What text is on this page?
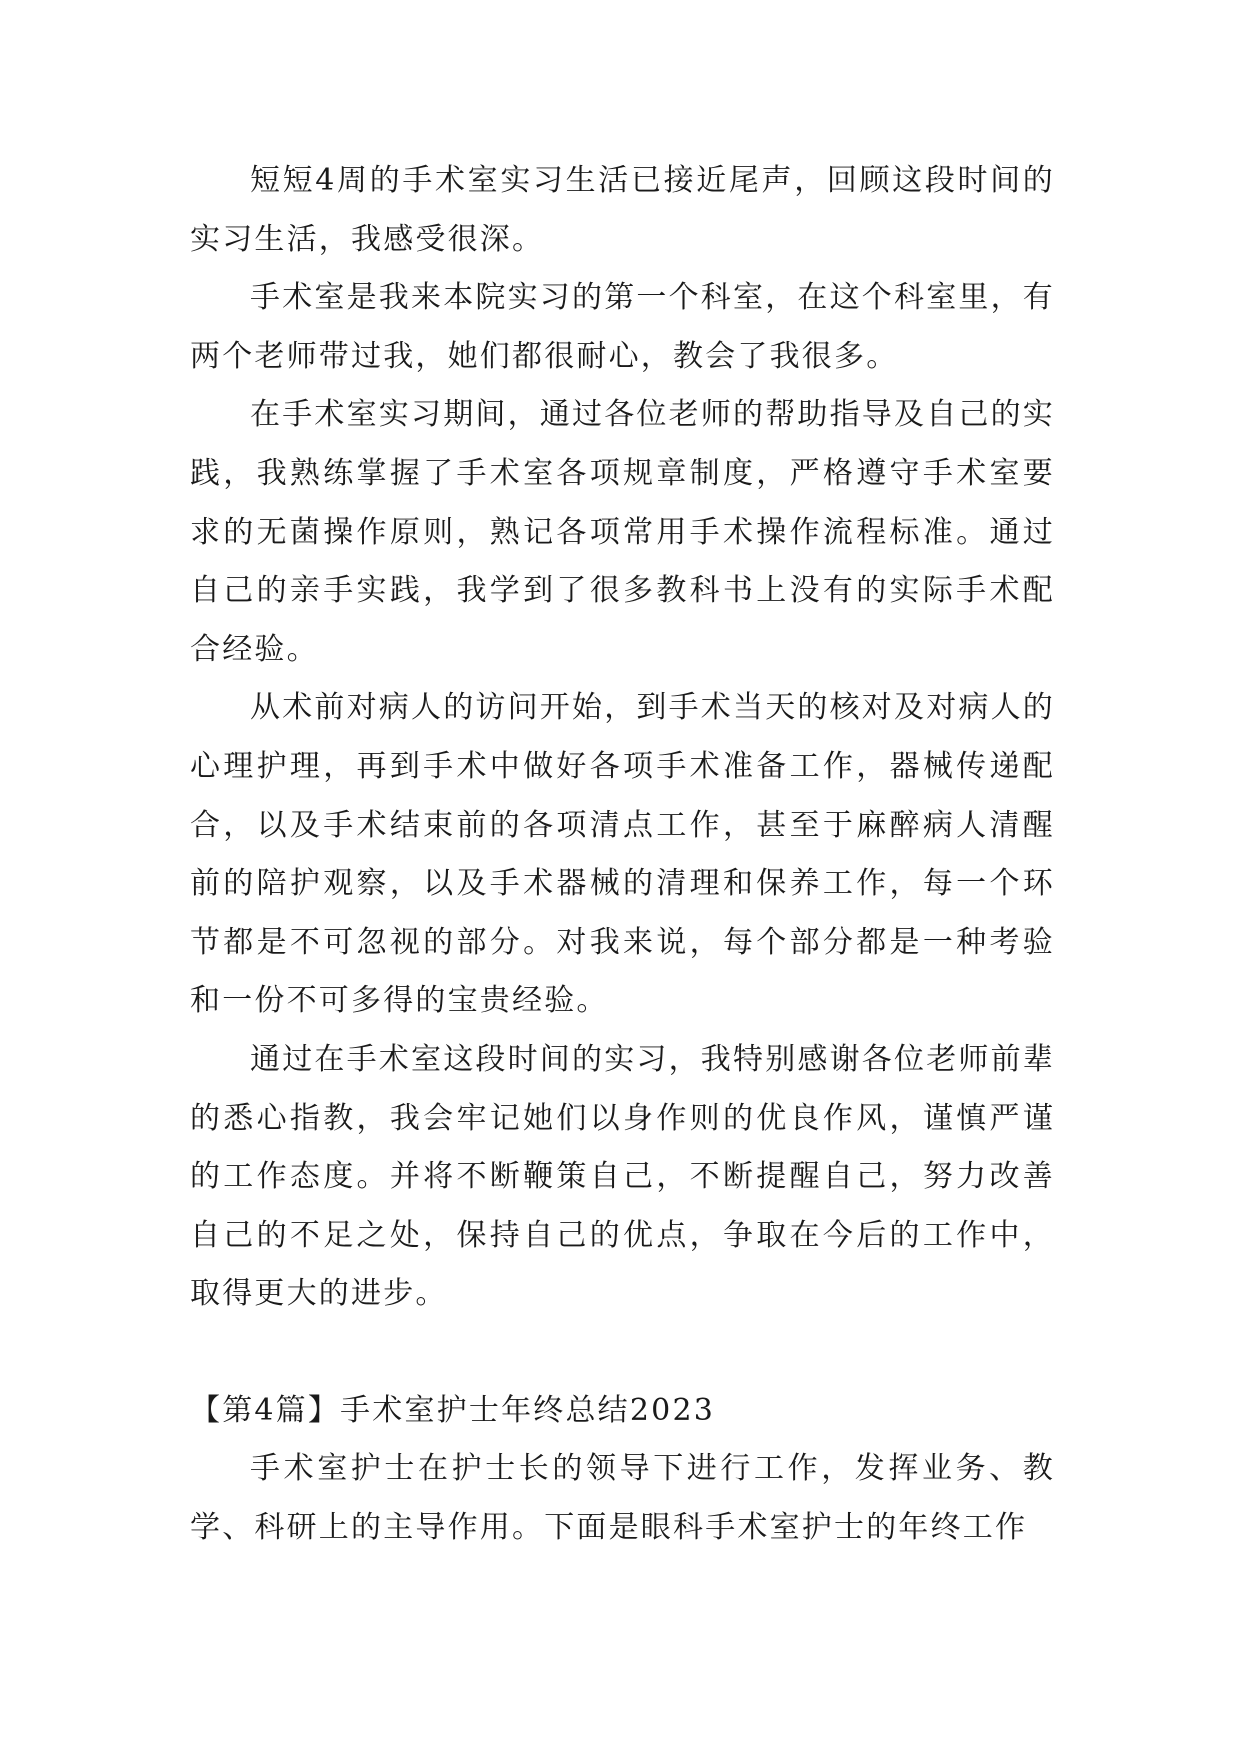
短短4周的手术室实习生活已接近尾声，回顾这段时间的实习生活，我感受很深。

手术室是我来本院实习的第一个科室，在这个科室里，有两个老师带过我，她们都很耐心，教会了我很多。

在手术室实习期间，通过各位老师的帮助指导及自己的实践，我熟练掌握了手术室各项规章制度，严格遵守手术室要求的无菌操作原则，熟记各项常用手术操作流程标准。通过自己的亲手实践，我学到了很多教科书上没有的实际手术配合经验。

从术前对病人的访问开始，到手术当天的核对及对病人的心理护理，再到手术中做好各项手术准备工作，器械传递配合，以及手术结束前的各项清点工作，甚至于麻醉病人清醒前的陪护观察，以及手术器械的清理和保养工作，每一个环节都是不可忽视的部分。对我来说，每个部分都是一种考验和一份不可多得的宝贵经验。

通过在手术室这段时间的实习，我特别感谢各位老师前辈的悉心指教，我会牢记她们以身作则的优良作风，谨慎严谨的工作态度。并将不断鞭策自己，不断提醒自己，努力改善自己的不足之处，保持自己的优点，争取在今后的工作中，取得更大的进步。

【第4篇】手术室护士年终总结2023

手术室护士在护士长的领导下进行工作，发挥业务、教学、科研上的主导作用。下面是眼科手术室护士的年终工作
